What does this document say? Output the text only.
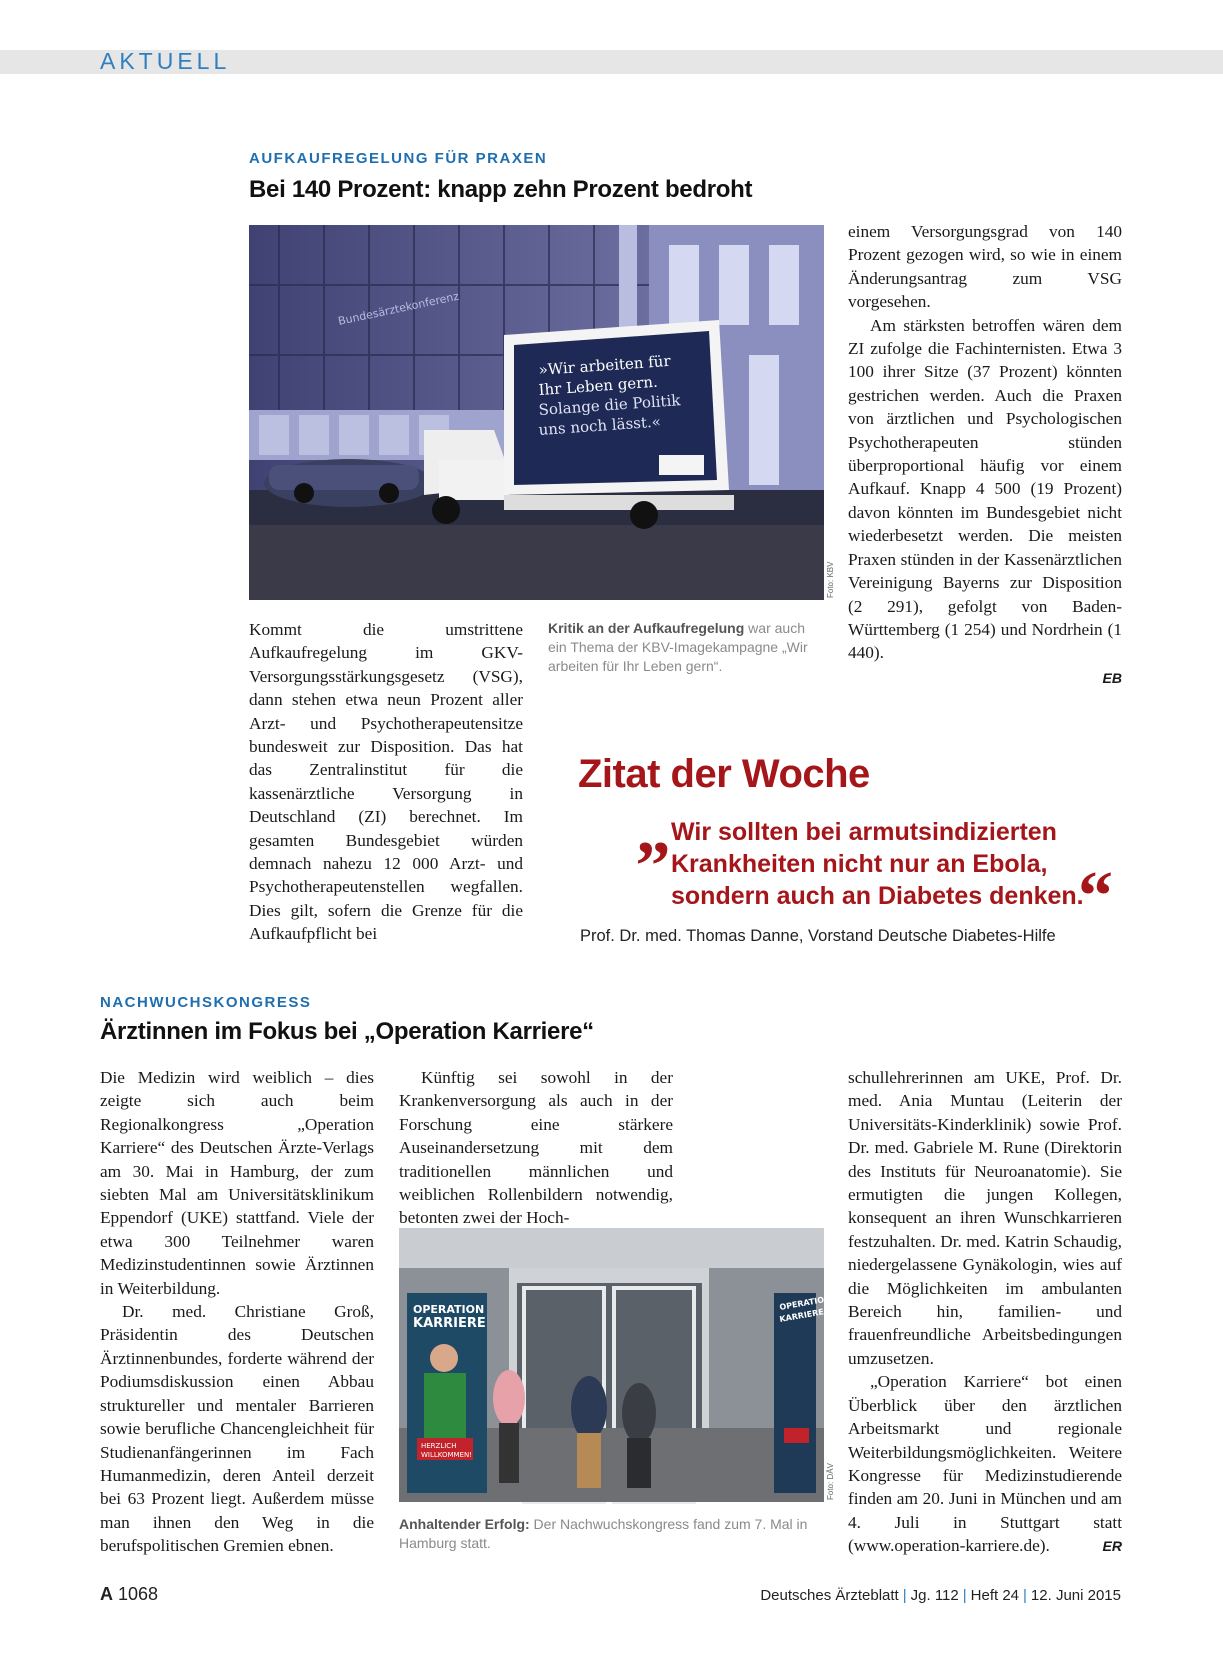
AKTUELL
AUFKAUFREGELUNG FÜR PRAXEN
Bei 140 Prozent: knapp zehn Prozent bedroht
Bundesärztekonferenz
»Wir arbeiten für
Ihr Leben gern.
Solange die Politik
uns noch lässt.«
Foto: KBV
Kritik an der Aufkaufregelung war auch ein Thema der KBV-Imagekampagne „Wir arbeiten für Ihr Leben gern“.

Kommt die umstrittene Aufkaufregelung im GKV-Versorgungsstärkungsgesetz (VSG), dann stehen etwa neun Prozent aller Arzt- und Psychotherapeutensitze bundesweit zur Disposition. Das hat das Zentralinstitut für die kassenärztliche Versorgung in Deutschland (ZI) berechnet. Im gesamten Bundesgebiet würden demnach nahezu 12 000 Arzt- und Psychotherapeutenstellen wegfallen. Dies gilt, sofern die Grenze für die Aufkaufpflicht bei

einem Versorgungsgrad von 140 Prozent gezogen wird, so wie in einem Änderungsantrag zum VSG vorgesehen.

Am stärksten betroffen wären dem ZI zufolge die Fachinternisten. Etwa 3 100 ihrer Sitze (37 Prozent) könnten gestrichen werden. Auch die Praxen von ärztlichen und Psychologischen Psychotherapeuten stünden überproportional häufig vor einem Aufkauf. Knapp 4 500 (19 Prozent) davon könnten im Bundesgebiet nicht wiederbesetzt werden. Die meisten Praxen stünden in der Kassenärztlichen Vereinigung Bayerns zur Disposition (2 291), gefolgt von Baden-Württemberg (1 254) und Nordrhein (1 440).

EB
Zitat der Woche
„ Wir sollten bei armutsindizierten
Krankheiten nicht nur an Ebola,
sondern auch an Diabetes denken.
“
Prof. Dr. med. Thomas Danne, Vorstand Deutsche Diabetes-Hilfe
NACHWUCHSKONGRESS
Ärztinnen im Fokus bei „Operation Karriere“

Die Medizin wird weiblich – dies zeigte sich auch beim Regionalkongress „Operation Karriere“ des Deutschen Ärzte-Verlags am 30. Mai in Hamburg, der zum siebten Mal am Universitätsklinikum Eppendorf (UKE) stattfand. Viele der etwa 300 Teilnehmer waren Medizinstudentinnen sowie Ärztinnen in Weiterbildung.

Dr. med. Christiane Groß, Präsidentin des Deutschen Ärztinnenbundes, forderte während der Podiumsdiskussion einen Abbau struktureller und mentaler Barrieren sowie berufliche Chancengleichheit für Studienanfängerinnen im Fach Humanmedizin, deren Anteil derzeit bei 63 Prozent liegt. Außerdem müsse man ihnen den Weg in die berufspolitischen Gremien ebnen.

Künftig sei sowohl in der Krankenversorgung als auch in der Forschung eine stärkere Auseinandersetzung mit dem traditionellen männlichen und weiblichen Rollenbildern notwendig, betonten zwei der Hoch-

OPERATION
KARRIERE
HERZLICH
WILLKOMMEN!
OPERATION
KARRIERE
Foto: DÄV
Anhaltender Erfolg: Der Nachwuchskongress fand zum 7. Mal in Hamburg statt.

schullehrerinnen am UKE, Prof. Dr. med. Ania Muntau (Leiterin der Universitäts-Kinderklinik) sowie Prof. Dr. med. Gabriele M. Rune (Direktorin des Instituts für Neuroanatomie). Sie ermutigten die jungen Kollegen, konsequent an ihren Wunschkarrieren festzuhalten. Dr. med. Katrin Schaudig, niedergelassene Gynäkologin, wies auf die Möglichkeiten im ambulanten Bereich hin, familien- und frauenfreundliche Arbeitsbedingungen umzusetzen.

„Operation Karriere“ bot einen Überblick über den ärztlichen Arbeitsmarkt und regionale Weiterbildungsmöglichkeiten. Weitere Kongresse für Medizinstudierende finden am 20. Juni in München und am 4. Juli in Stuttgart statt (www.operation-karriere.de).	ER
A 1068	Deutsches Ärzteblatt | Jg. 112 | Heft 24 | 12. Juni 2015
